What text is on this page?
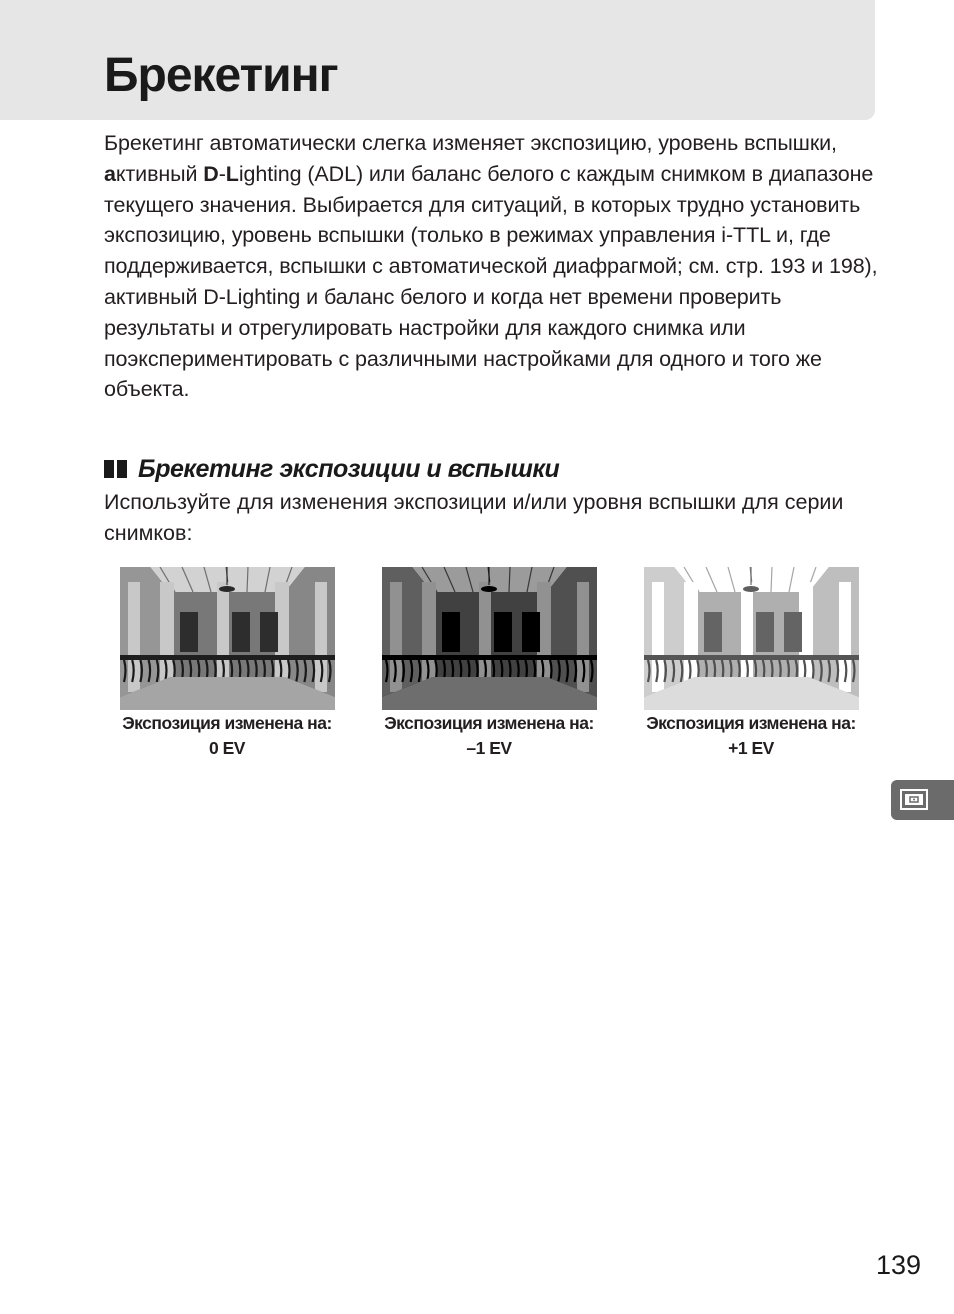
Брекетинг

Брекетинг автоматически слегка изменяет экспозицию, уровень вспышки, активный D-Lighting (ADL) или баланс белого с каждым снимком в диапазоне текущего значения. Выбирается для ситуаций, в которых трудно установить экспозицию, уровень вспышки (только в режимах управления i-TTL и, где поддерживается, вспышки с автоматической диафрагмой; см. стр. 193 и 198), активный D-Lighting и баланс белого и когда нет времени проверить результаты и отрегулировать настройки для каждого снимка или поэкспериментировать с различными настройками для одного и того же объекта.

Брекетинг экспозиции и вспышки

Используйте для изменения экспозиции и/или уровня вспышки для серии снимков:

Экспозиция изменена на:
0 EV
Экспозиция изменена на:
–1 EV
Экспозиция изменена на:
+1 EV
139
